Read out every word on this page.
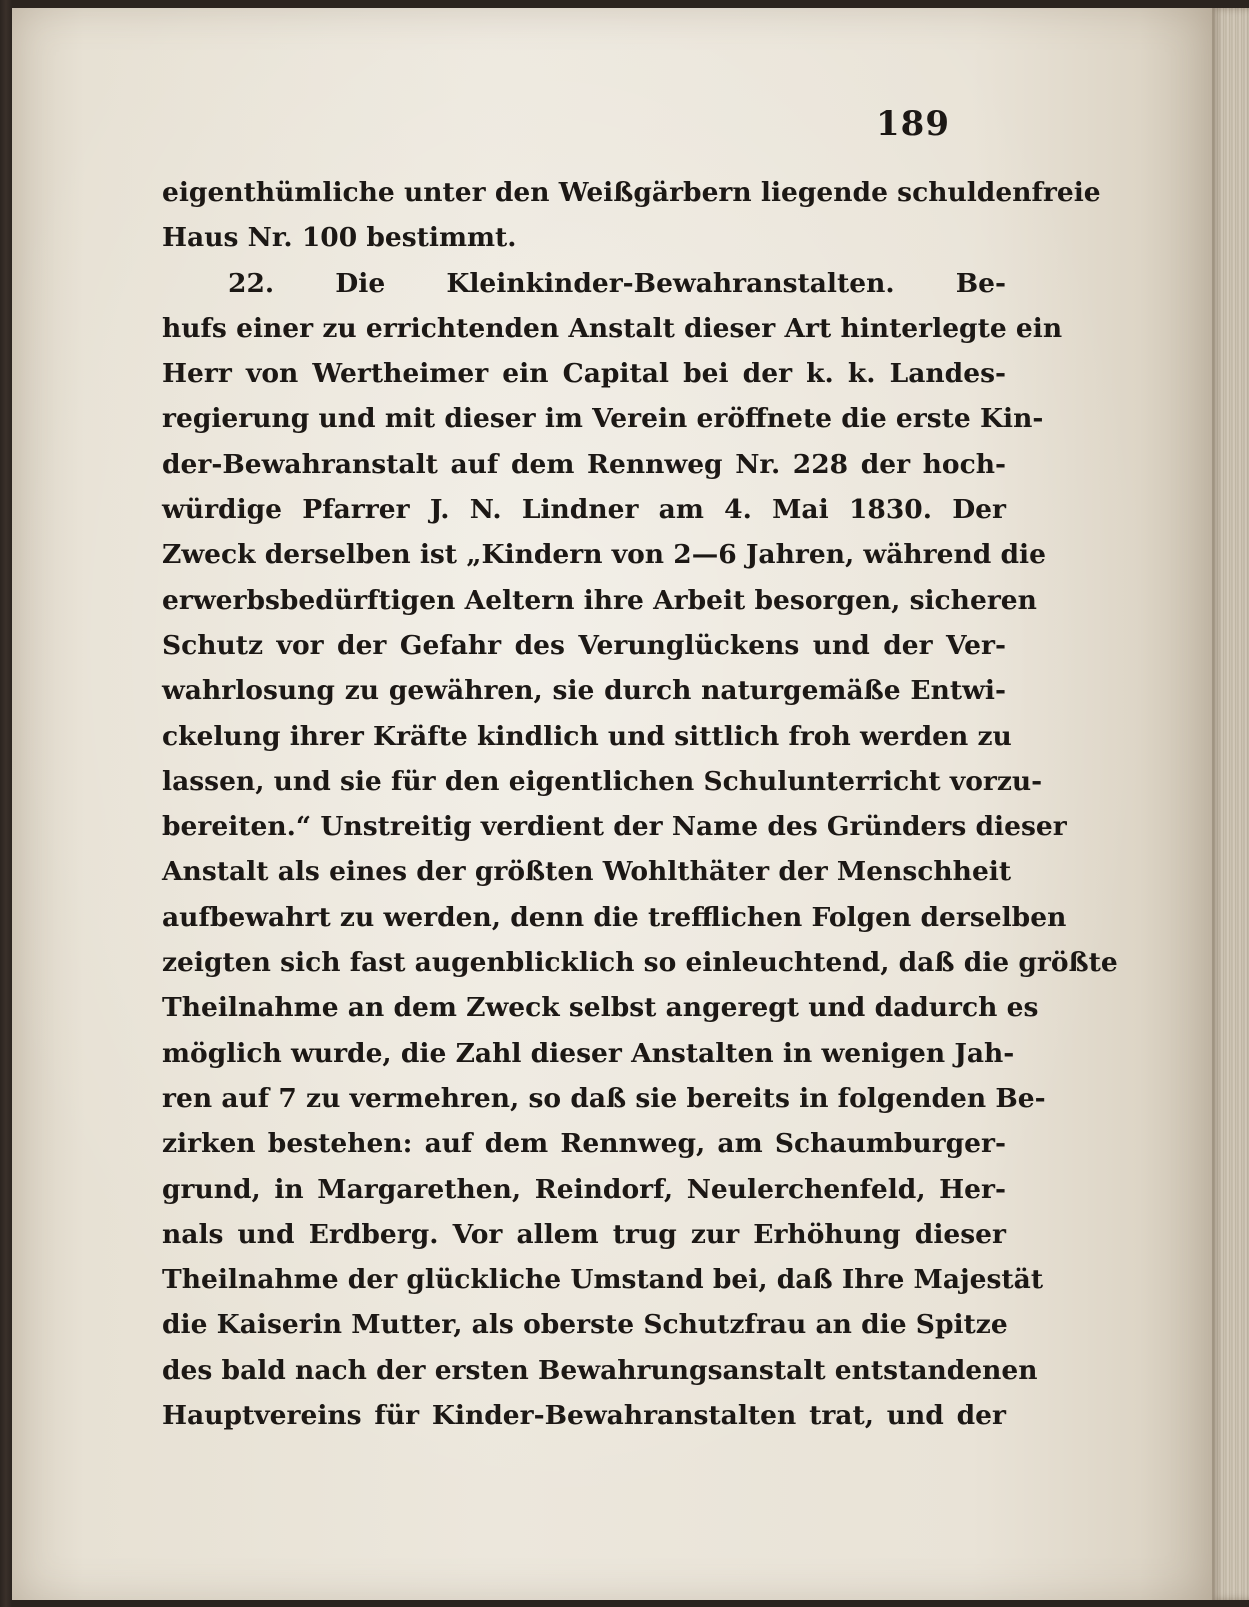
189
eigenthümliche unter den Weißgärbern liegende schuldenfreie
Haus Nr. 100 bestimmt.
22. Die Kleinkinder-Bewahranstalten. Be-
hufs einer zu errichtenden Anstalt dieser Art hinterlegte ein
Herr von Wertheimer ein Capital bei der k. k. Landes-
regierung und mit dieser im Verein eröffnete die erste Kin-
der-Bewahranstalt auf dem Rennweg Nr. 228 der hoch-
würdige Pfarrer J. N. Lindner am 4. Mai 1830. Der
Zweck derselben ist „Kindern von 2—6 Jahren, während die
erwerbsbedürftigen Aeltern ihre Arbeit besorgen, sicheren
Schutz vor der Gefahr des Verunglückens und der Ver-
wahrlosung zu gewähren, sie durch naturgemäße Entwi-
ckelung ihrer Kräfte kindlich und sittlich froh werden zu
lassen, und sie für den eigentlichen Schulunterricht vorzu-
bereiten.“ Unstreitig verdient der Name des Gründers dieser
Anstalt als eines der größten Wohlthäter der Menschheit
aufbewahrt zu werden, denn die trefflichen Folgen derselben
zeigten sich fast augenblicklich so einleuchtend, daß die größte
Theilnahme an dem Zweck selbst angeregt und dadurch es
möglich wurde, die Zahl dieser Anstalten in wenigen Jah-
ren auf 7 zu vermehren, so daß sie bereits in folgenden Be-
zirken bestehen: auf dem Rennweg, am Schaumburger-
grund, in Margarethen, Reindorf, Neulerchenfeld, Her-
nals und Erdberg. Vor allem trug zur Erhöhung dieser
Theilnahme der glückliche Umstand bei, daß Ihre Majestät
die Kaiserin Mutter, als oberste Schutzfrau an die Spitze
des bald nach der ersten Bewahrungsanstalt entstandenen
Hauptvereins für Kinder-Bewahranstalten trat, und der
